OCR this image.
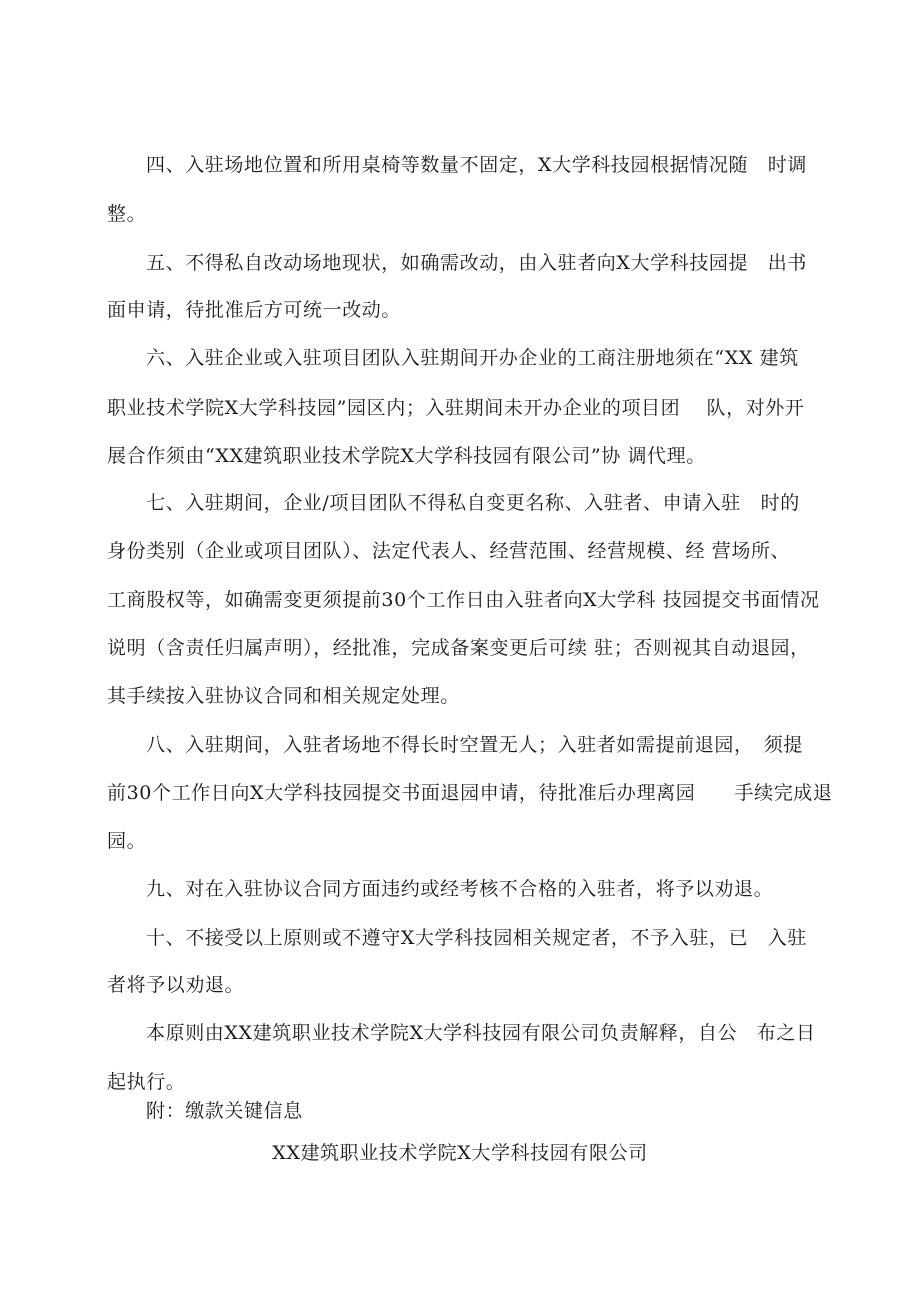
四、入驻场地位置和所用桌椅等数量不固定，X大学科技园根据情况随　时调
整。
五、不得私自改动场地现状，如确需改动，由入驻者向X大学科技园提　出书
面申请，待批准后方可统一改动。
六、入驻企业或入驻项目团队入驻期间开办企业的工商注册地须在“XX 建筑
职业技术学院X大学科技园”园区内；入驻期间未开办企业的项目团　 队，对外开
展合作须由“XX建筑职业技术学院X大学科技园有限公司”协 调代理。
七、入驻期间，企业/项目团队不得私自变更名称、入驻者、申请入驻　时的
身份类别（企业或项目团队）、法定代表人、经营范围、经营规模、经 营场所、
工商股权等，如确需变更须提前30个工作日由入驻者向X大学科 技园提交书面情况
说明（含责任归属声明），经批准，完成备案变更后可续 驻；否则视其自动退园，
其手续按入驻协议合同和相关规定处理。
八、入驻期间，入驻者场地不得长时空置无人；入驻者如需提前退园，　须提
前30个工作日向X大学科技园提交书面退园申请，待批准后办理离园　　手续完成退
园。
九、对在入驻协议合同方面违约或经考核不合格的入驻者，将予以劝退。
十、不接受以上原则或不遵守X大学科技园相关规定者，不予入驻，已　入驻
者将予以劝退。
本原则由XX建筑职业技术学院X大学科技园有限公司负责解释，自公　布之日
起执行。
附：缴款关键信息
XX建筑职业技术学院X大学科技园有限公司
